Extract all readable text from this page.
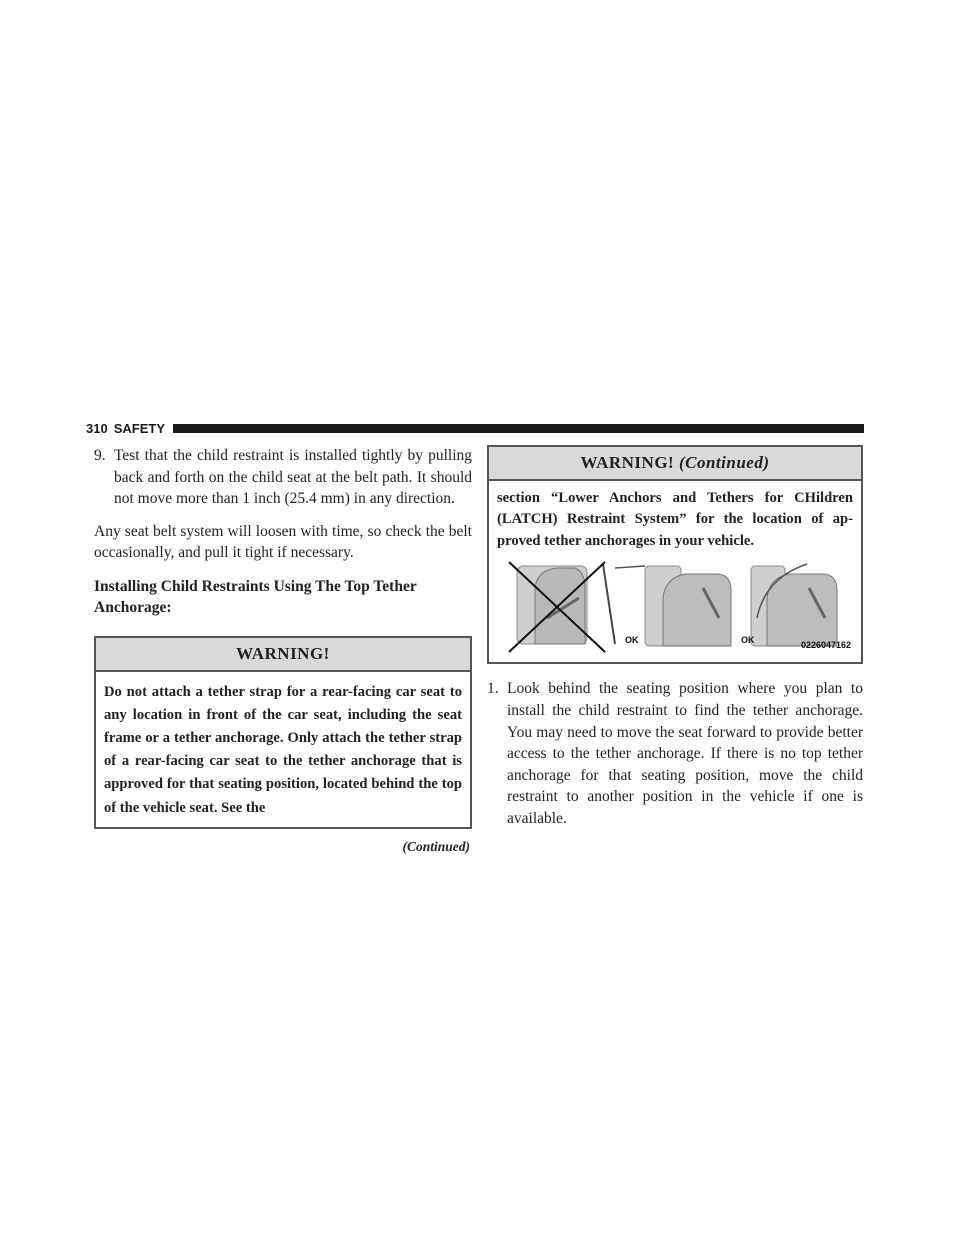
310 SAFETY
9. Test that the child restraint is installed tightly by pulling back and forth on the child seat at the belt path. It should not move more than 1 inch (25.4 mm) in any direction.

Any seat belt system will loosen with time, so check the belt occasionally, and pull it tight if necessary.

Installing Child Restraints Using The Top Tether Anchorage:
WARNING!
Do not attach a tether strap for a rear-facing car seat to any location in front of the car seat, including the seat frame or a tether anchorage. Only attach the tether strap of a rear-facing car seat to the tether anchorage that is approved for that seating position, located behind the top of the vehicle seat. See the
(Continued)
WARNING! (Continued)
section “Lower Anchors and Tethers for CHildren (LATCH) Restraint System” for the location of ap-proved tether anchorages in your vehicle.
OK	OK	0226047162
1. Look behind the seating position where you plan to install the child restraint to find the tether anchorage. You may need to move the seat forward to provide better access to the tether anchorage. If there is no top tether anchorage for that seating position, move the child restraint to another position in the vehicle if one is available.
